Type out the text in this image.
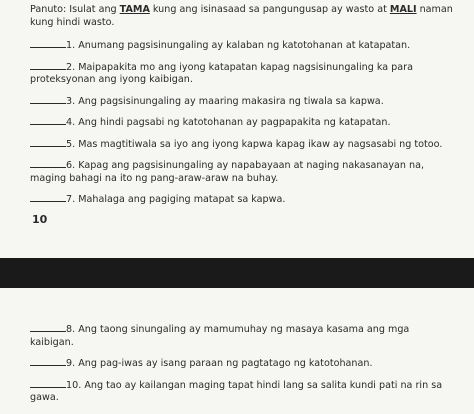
Panuto: Isulat ang TAMA kung ang isinasaad sa pangungusap ay wasto at MALI naman kung hindi wasto.
1. Anumang pagsisinungaling ay kalaban ng katotohanan at katapatan.
2. Maipapakita mo ang iyong katapatan kapag nagsisinungaling ka para proteksyonan ang iyong kaibigan.
3. Ang pagsisinungaling ay maaring makasira ng tiwala sa kapwa.
4. Ang hindi pagsabi ng katotohanan ay pagpapakita ng katapatan.
5. Mas magtitiwala sa iyo ang iyong kapwa kapag ikaw ay nagsasabi ng totoo.
6. Kapag ang pagsisinungaling ay napabayaan at naging nakasanayan na, maging bahagi na ito ng pang-araw-araw na buhay.
7. Mahalaga ang pagiging matapat sa kapwa.
10
8. Ang taong sinungaling ay mamumuhay ng masaya kasama ang mga kaibigan.
9. Ang pag-iwas ay isang paraan ng pagtatago ng katotohanan.
10. Ang tao ay kailangan maging tapat hindi lang sa salita kundi pati na rin sa gawa.
